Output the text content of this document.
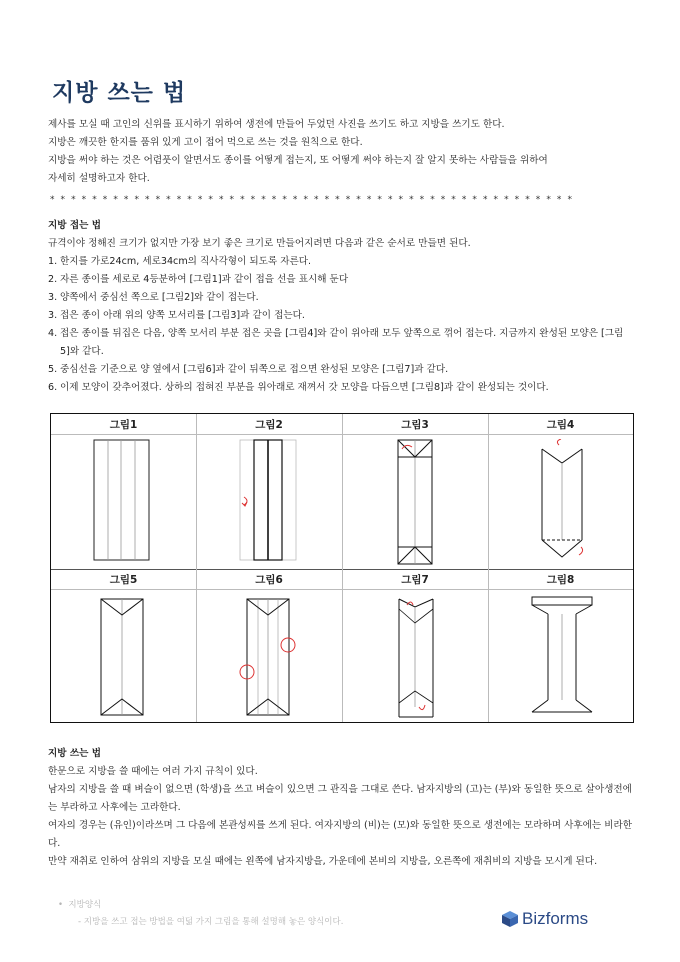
지방 쓰는 법

제사를 모실 때 고인의 신위를 표시하기 위하여 생전에 만들어 두었던 사진을 쓰기도 하고 지방을 쓰기도 한다.

지방은 깨끗한 한지를 품위 있게 고이 접어 먹으로 쓰는 것을 원칙으로 한다.

지방을 써야 하는 것은 어렴풋이 알면서도 종이를 어떻게 접는지, 또 어떻게 써야 하는지 잘 알지 못하는 사람들을 위하여

자세히 설명하고자 한다.

* * * * * * * * * * * * * * * * * * * * * * * * * * * * * * * * * * * * * * * * * * * * * * * * * *

지방 접는 법

규격이야 정해진 크기가 없지만 가장 보기 좋은 크기로 만들어지려면 다음과 같은 순서로 만들면 된다.

1. 한지를 가로24cm, 세로34cm의 직사각형이 되도록 자른다.
2. 자른 종이를 세로로 4등분하여 [그림1]과 같이 접을 선을 표시해 둔다
3. 양쪽에서 중심선 쪽으로 [그림2]와 같이 접는다.
3. 접은 종이 아래 위의 양쪽 모서리를 [그림3]과 같이 접는다.
4. 접은 종이를 뒤집은 다음, 양쪽 모서리 부분 접은 곳을 [그림4]와 같이 위아래 모두 앞쪽으로 꺾어 접는다. 지금까지 완성된 모양은 [그림5]와 같다.
5. 중심선을 기준으로 양 옆에서 [그림6]과 같이 뒤쪽으로 접으면 완성된 모양은 [그림7]과 같다.
6. 이제 모양이 갖추어졌다. 상하의 접혀진 부분을 위아래로 재껴서 갓 모양을 다듬으면 [그림8]과 같이 완성되는 것이다.
그림1	그림2	그림3	그림4
그림5	그림6	그림7	그림8

지방 쓰는 법

한문으로 지방을 쓸 때에는 여러 가지 규칙이 있다.

남자의 지방을 쓸 때 벼슬이 없으면 (학생)을 쓰고 벼슬이 있으면 그 관직을 그대로 쓴다. 남자지방의 (고)는 (부)와 동일한 뜻으로 살아생전에는 부라하고 사후에는 고라한다.

여자의 경우는 (유인)이라쓰며 그 다음에 본관성씨를 쓰게 된다. 여자지방의 (비)는 (모)와 동일한 뜻으로 생전에는 모라하며 사후에는 비라한다.

만약 재취로 인하여 삼위의 지방을 모실 때에는 왼쪽에 남자지방을, 가운데에 본비의 지방을, 오른쪽에 재취비의 지방을 모시게 된다.

•  지방양식
- 지방을 쓰고 접는 방법을 여덟 가지 그림을 통해 설명해 놓은 양식이다.	Bizforms
